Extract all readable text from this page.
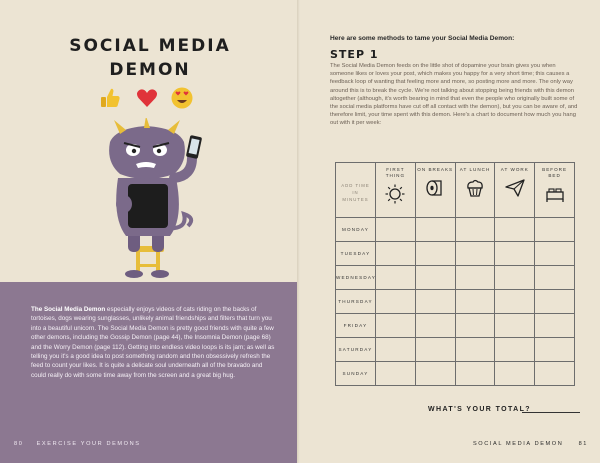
SOCIAL MEDIA
DEMON

The Social Media Demon especially enjoys videos of cats riding on the backs of tortoises, dogs wearing sunglasses, unlikely animal friendships and filters that turn you into a beautiful unicorn. The Social Media Demon is pretty good friends with quite a few other demons, including the Gossip Demon (page 44), the Insomnia Demon (page 68) and the Worry Demon (page 112). Getting into endless video loops is its jam; as well as telling you it's a good idea to post something random and then obsessively refresh the feed to count your likes. It is quite a delicate soul underneath all of the bravado and could really do with some time away from the screen and a great big hug.

80 EXERCISE YOUR DEMONS
Here are some methods to tame your Social Media Demon:
STEP 1

The Social Media Demon feeds on the little shot of dopamine your brain gives you when someone likes or loves your post, which makes you happy for a very short time; this causes a feedback loop of wanting that feeling more and more, so posting more and more. The only way around this is to break the cycle. We're not talking about stopping being friends with this demon altogether (although, it's worth bearing in mind that even the people who originally built some of the social media platforms have cut off all contact with the demon), but you can be aware of, and therefore limit, your time spent with this demon. Here's a chart to document how much you hang out with it per week:

ADD TIME IN MINUTES	FIRST THING	ON BREAKS	AT LUNCH	AT WORK	BEFORE BED

MONDAY					
TUESDAY					
WEDNESDAY					
THURSDAY					
FRIDAY					
SATURDAY					
SUNDAY					
WHAT'S YOUR TOTAL?
SOCIAL MEDIA DEMON	81
